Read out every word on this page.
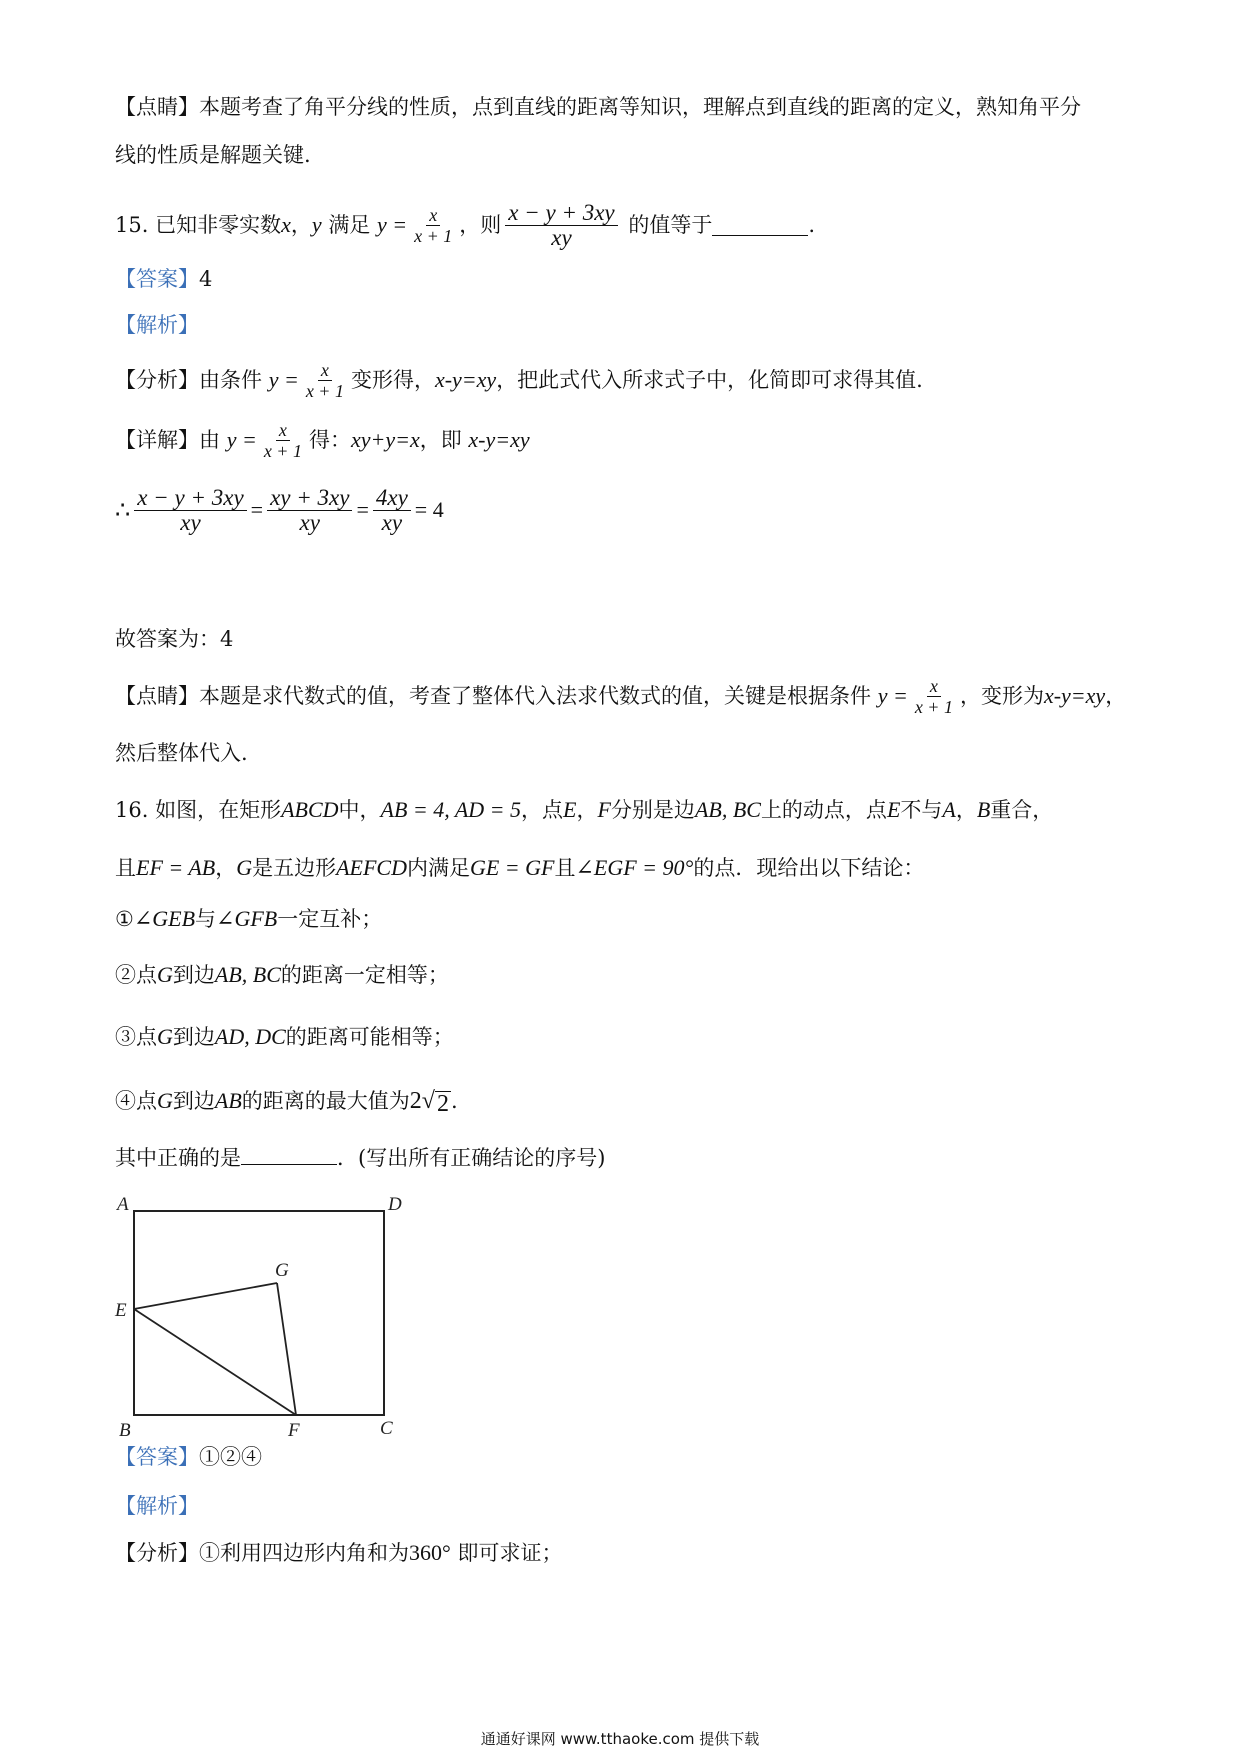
【点睛】本题考查了角平分线的性质，点到直线的距离等知识，理解点到直线的距离的定义，熟知角平分
线的性质是解题关键.
15.
已知非零实数 x ， y
满足
$y = \frac{x}{x + 1}$ ，则 $\frac{x - y + 3xy}{xy}$
的值等于	.
【答案】4
【解析】
【分析】 由条件
$y = \frac{x}{x + 1}$ 变形得， x-y=xy ，把此式代入所求式子中，化简即可求得其值.
【详解】 由
$y = \frac{x}{x + 1}$ 得： xy+y=x ，即
x-y=xy
∴ $\frac{x - y + 3xy}{xy} = \frac{xy + 3xy}{xy} = \frac{4xy}{xy} = 4$
故答案为：4
【点睛】 本题是求代数式的值，考查了整体代入法求代数式的值，关键是根据条件
$y = \frac{x}{x + 1}$ ，变形为 x-y=xy ，
然后整体代入.
16. 如图，在矩形ABCD中，AB = 4, AD = 5，点E，F分别是边AB, BC上的动点，点E不与A，B重合，
且EF = AB，G是五边形AEFCD内满足GE = GF且∠EGF = 90°的点．现给出以下结论：
①∠GEB与∠GFB一定互补；
②点G到边AB, BC的距离一定相等；
③点G到边AD, DC的距离可能相等；
④点 G 到边 AB 的距离的最大值为 2 √ 2 .
其中正确的是	．(写出所有正确结论的序号)
A	D
G
E
B	F	C
【答案】①②④
【解析】
【分析】①利用四边形内角和为360° 即可求证；
通通好课网 www.tthaoke.com 提供下载
